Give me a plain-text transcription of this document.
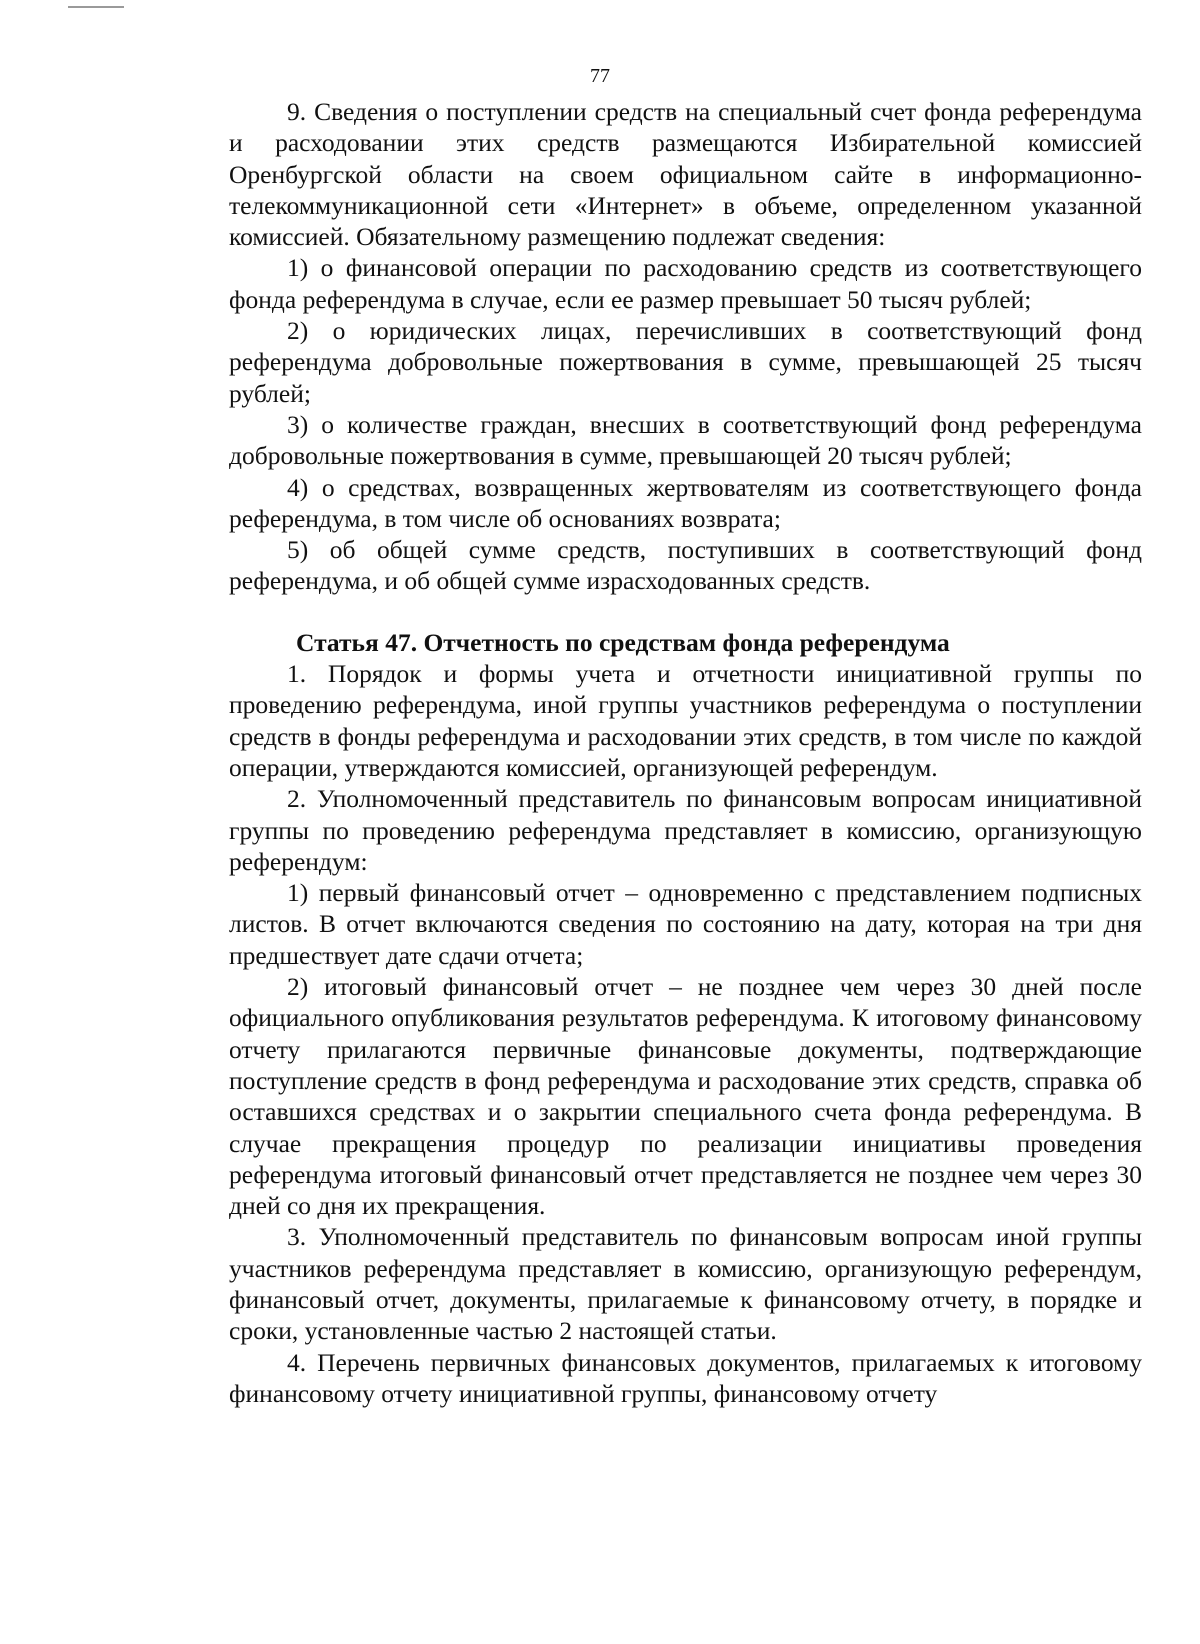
77

9. Сведения о поступлении средств на специальный счет фонда референдума и расходовании этих средств размещаются Избирательной комиссией Оренбургской области на своем официальном сайте в информационно-телекоммуникационной сети «Интернет» в объеме, определенном указанной комиссией. Обязательному размещению подлежат сведения:

1) о финансовой операции по расходованию средств из соответствующего фонда референдума в случае, если ее размер превышает 50 тысяч рублей;

2) о юридических лицах, перечисливших в соответствующий фонд референдума добровольные пожертвования в сумме, превышающей 25 тысяч рублей;

3) о количестве граждан, внесших в соответствующий фонд референдума добровольные пожертвования в сумме, превышающей 20 тысяч рублей;

4) о средствах, возвращенных жертвователям из соответствующего фонда референдума, в том числе об основаниях возврата;

5) об общей сумме средств, поступивших в соответствующий фонд референдума, и об общей сумме израсходованных средств.

Статья 47. Отчетность по средствам фонда референдума

1. Порядок и формы учета и отчетности инициативной группы по проведению референдума, иной группы участников референдума о поступлении средств в фонды референдума и расходовании этих средств, в том числе по каждой операции, утверждаются комиссией, организующей референдум.

2. Уполномоченный представитель по финансовым вопросам инициативной группы по проведению референдума представляет в комиссию, организующую референдум:

1) первый финансовый отчет – одновременно с представлением подписных листов. В отчет включаются сведения по состоянию на дату, которая на три дня предшествует дате сдачи отчета;

2) итоговый финансовый отчет – не позднее чем через 30 дней после официального опубликования результатов референдума. К итоговому финансовому отчету прилагаются первичные финансовые документы, подтверждающие поступление средств в фонд референдума и расходование этих средств, справка об оставшихся средствах и о закрытии специального счета фонда референдума. В случае прекращения процедур по реализации инициативы проведения референдума итоговый финансовый отчет представляется не позднее чем через 30 дней со дня их прекращения.

3. Уполномоченный представитель по финансовым вопросам иной группы участников референдума представляет в комиссию, организующую референдум, финансовый отчет, документы, прилагаемые к финансовому отчету, в порядке и сроки, установленные частью 2 настоящей статьи.

4. Перечень первичных финансовых документов, прилагаемых к итоговому финансовому отчету инициативной группы, финансовому отчету
